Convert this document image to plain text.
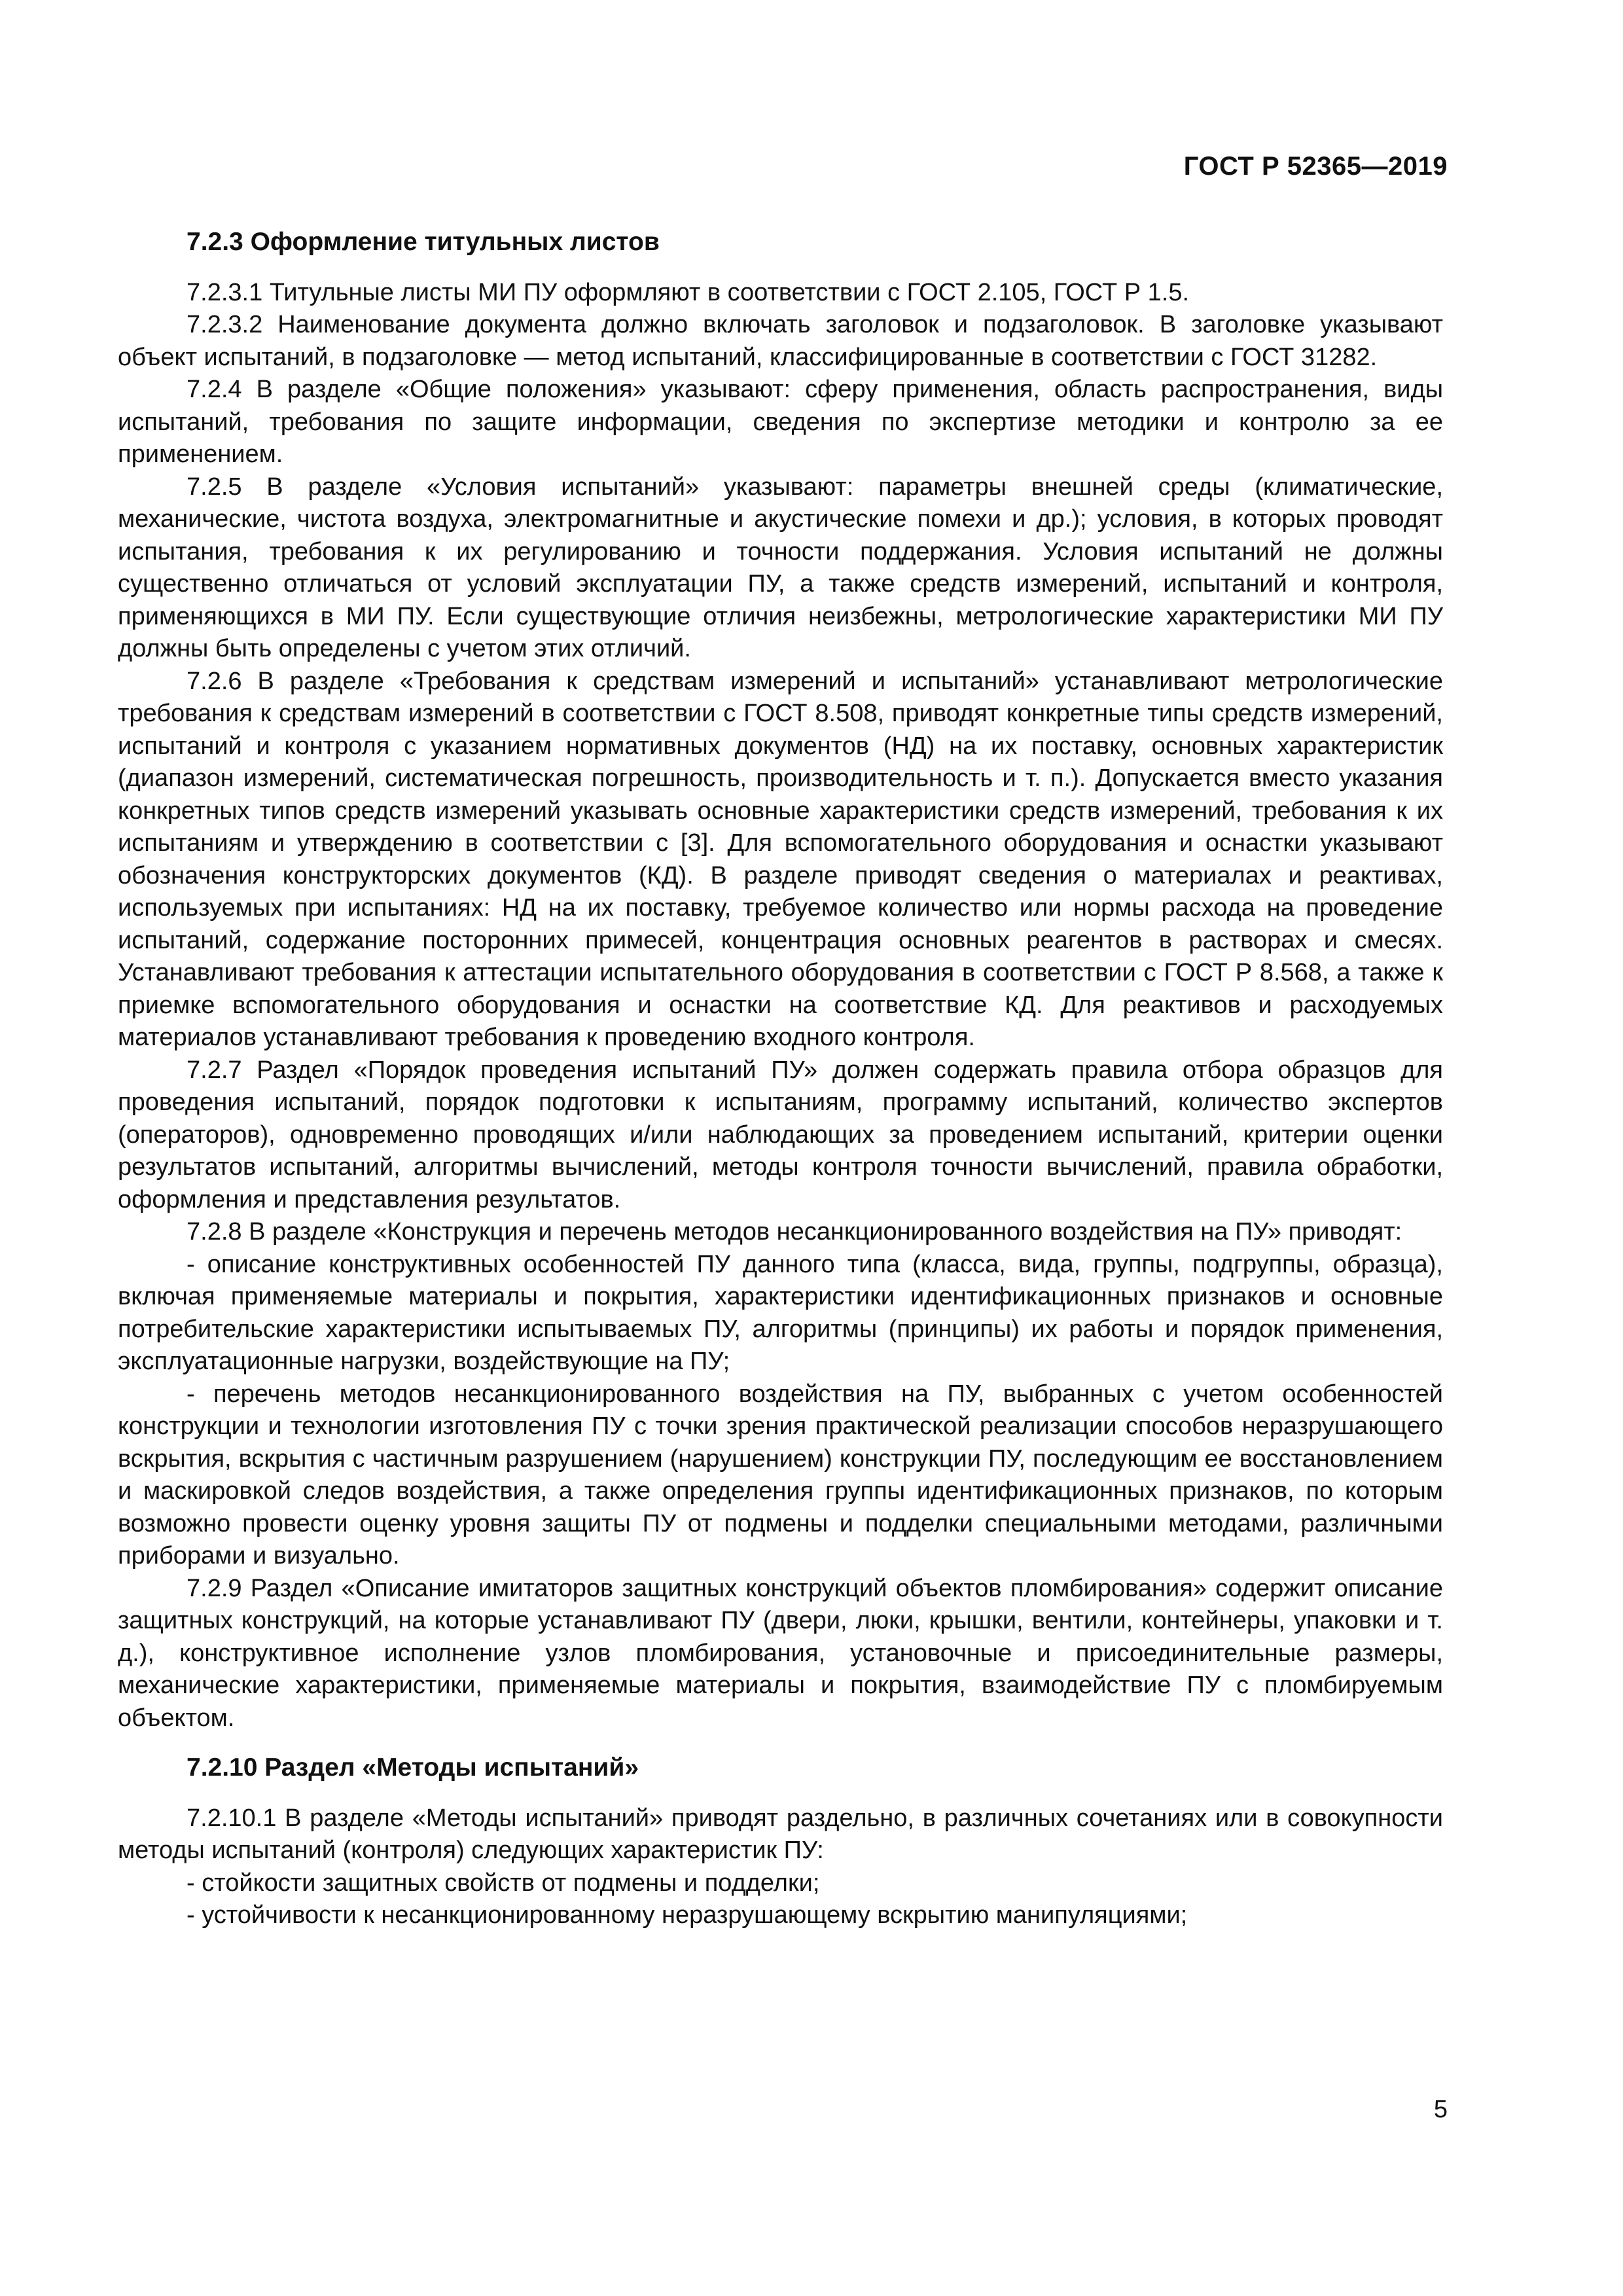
ГОСТ Р 52365—2019
7.2.3 Оформление титульных листов

7.2.3.1 Титульные листы МИ ПУ оформляют в соответствии с ГОСТ 2.105, ГОСТ Р 1.5.

7.2.3.2 Наименование документа должно включать заголовок и подзаголовок. В заголовке указывают объект испытаний, в подзаголовке — метод испытаний, классифицированные в соответствии с ГОСТ 31282.

7.2.4 В разделе «Общие положения» указывают: сферу применения, область распространения, виды испытаний, требования по защите информации, сведения по экспертизе методики и контролю за ее применением.

7.2.5 В разделе «Условия испытаний» указывают: параметры внешней среды (климатические, механические, чистота воздуха, электромагнитные и акустические помехи и др.); условия, в которых проводят испытания, требования к их регулированию и точности поддержания. Условия испытаний не должны существенно отличаться от условий эксплуатации ПУ, а также средств измерений, испытаний и контроля, применяющихся в МИ ПУ. Если существующие отличия неизбежны, метрологические характеристики МИ ПУ должны быть определены с учетом этих отличий.

7.2.6 В разделе «Требования к средствам измерений и испытаний» устанавливают метрологические требования к средствам измерений в соответствии с ГОСТ 8.508, приводят конкретные типы средств измерений, испытаний и контроля с указанием нормативных документов (НД) на их поставку, основных характеристик (диапазон измерений, систематическая погрешность, производительность и т. п.). Допускается вместо указания конкретных типов средств измерений указывать основные характеристики средств измерений, требования к их испытаниям и утверждению в соответствии с [3]. Для вспомогательного оборудования и оснастки указывают обозначения конструкторских документов (КД). В разделе приводят сведения о материалах и реактивах, используемых при испытаниях: НД на их поставку, требуемое количество или нормы расхода на проведение испытаний, содержание посторонних примесей, концентрация основных реагентов в растворах и смесях. Устанавливают требования к аттестации испытательного оборудования в соответствии с ГОСТ Р 8.568, а также к приемке вспомогательного оборудования и оснастки на соответствие КД. Для реактивов и расходуемых материалов устанавливают требования к проведению входного контроля.

7.2.7 Раздел «Порядок проведения испытаний ПУ» должен содержать правила отбора образцов для проведения испытаний, порядок подготовки к испытаниям, программу испытаний, количество экспертов (операторов), одновременно проводящих и/или наблюдающих за проведением испытаний, критерии оценки результатов испытаний, алгоритмы вычислений, методы контроля точности вычислений, правила обработки, оформления и представления результатов.

7.2.8 В разделе «Конструкция и перечень методов несанкционированного воздействия на ПУ» приводят:

- описание конструктивных особенностей ПУ данного типа (класса, вида, группы, подгруппы, образца), включая применяемые материалы и покрытия, характеристики идентификационных признаков и основные потребительские характеристики испытываемых ПУ, алгоритмы (принципы) их работы и порядок применения, эксплуатационные нагрузки, воздействующие на ПУ;

- перечень методов несанкционированного воздействия на ПУ, выбранных с учетом особенностей конструкции и технологии изготовления ПУ с точки зрения практической реализации способов неразрушающего вскрытия, вскрытия с частичным разрушением (нарушением) конструкции ПУ, последующим ее восстановлением и маскировкой следов воздействия, а также определения группы идентификационных признаков, по которым возможно провести оценку уровня защиты ПУ от подмены и подделки специальными методами, различными приборами и визуально.

7.2.9 Раздел «Описание имитаторов защитных конструкций объектов пломбирования» содержит описание защитных конструкций, на которые устанавливают ПУ (двери, люки, крышки, вентили, контейнеры, упаковки и т. д.), конструктивное исполнение узлов пломбирования, установочные и присоединительные размеры, механические характеристики, применяемые материалы и покрытия, взаимодействие ПУ с пломбируемым объектом.

7.2.10 Раздел «Методы испытаний»

7.2.10.1 В разделе «Методы испытаний» приводят раздельно, в различных сочетаниях или в совокупности методы испытаний (контроля) следующих характеристик ПУ:

- стойкости защитных свойств от подмены и подделки;

- устойчивости к несанкционированному неразрушающему вскрытию манипуляциями;

5
